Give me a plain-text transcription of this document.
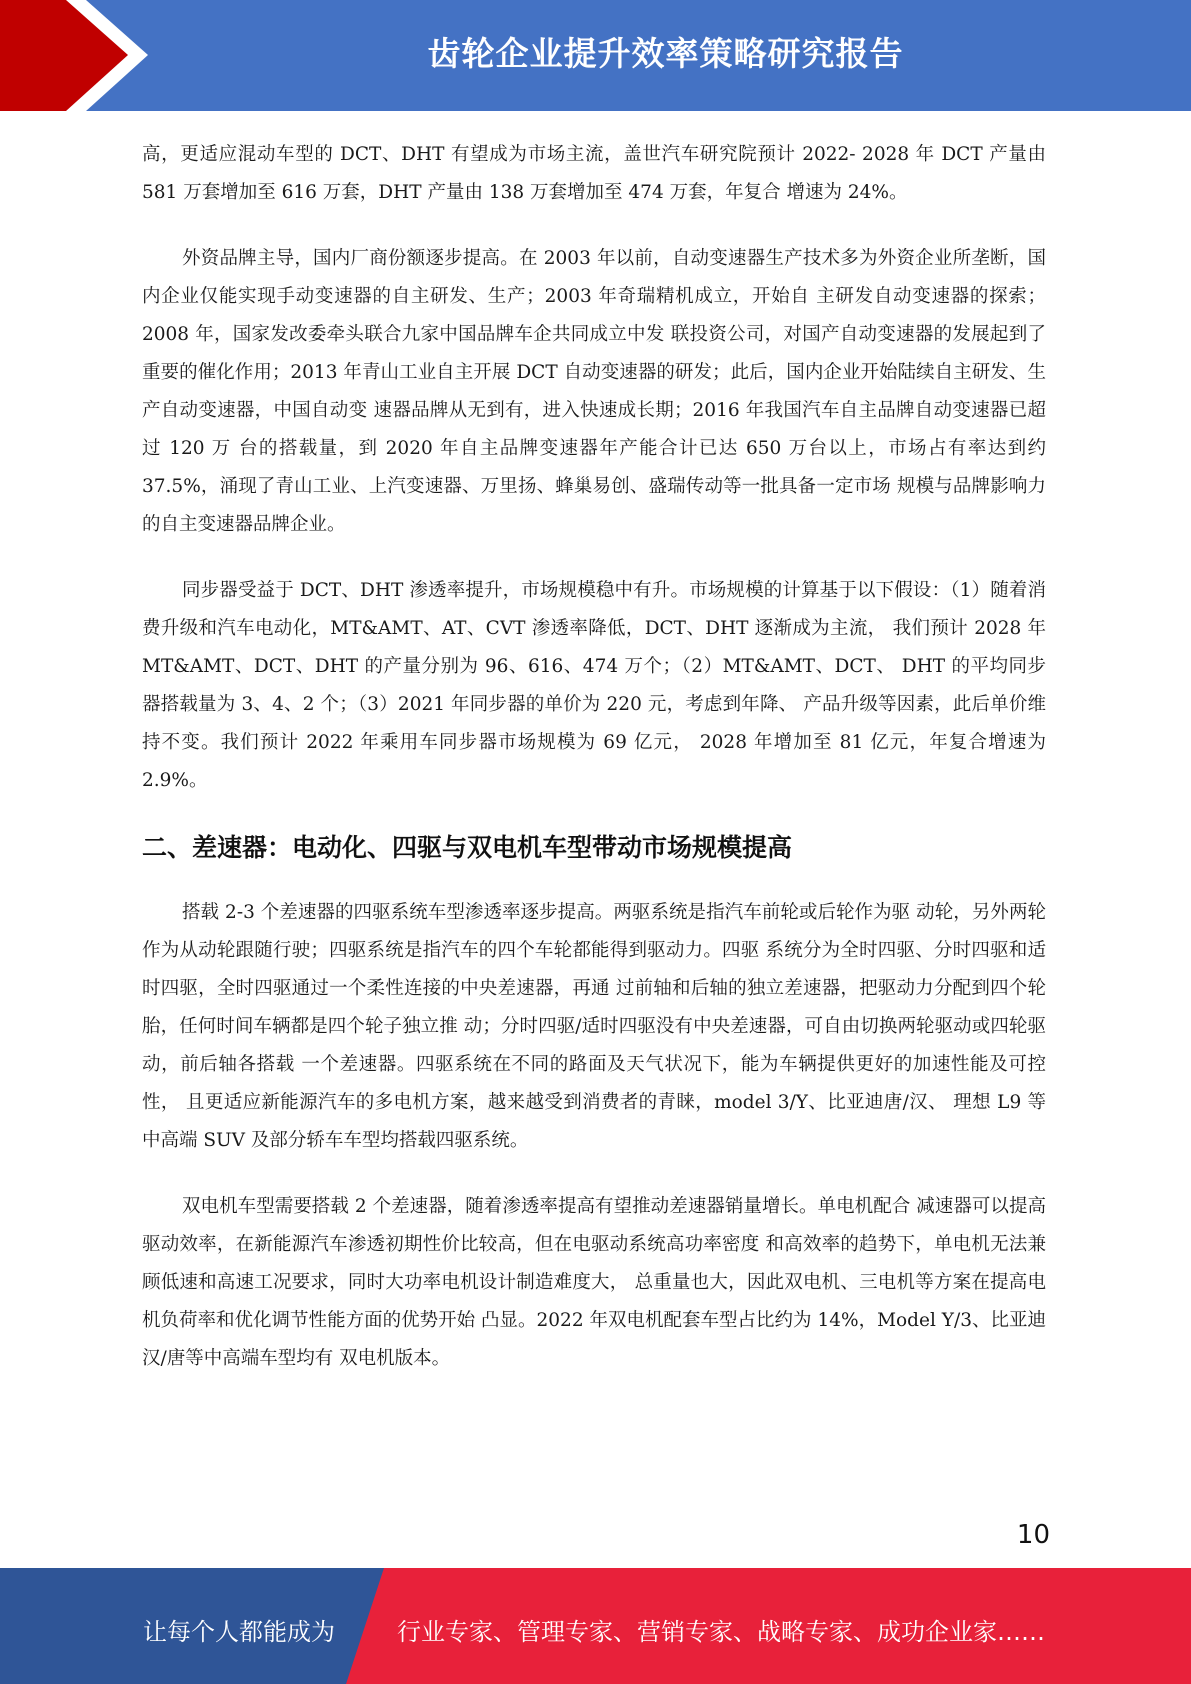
齿轮企业提升效率策略研究报告

高，更适应混动车型的 DCT、DHT 有望成为市场主流，盖世汽车研究院预计 2022- 2028 年 DCT 产量由 581 万套增加至 616 万套，DHT 产量由 138 万套增加至 474 万套，年复合 增速为 24%。

外资品牌主导，国内厂商份额逐步提高。在 2003 年以前，自动变速器生产技术多为外资企业所垄断，国内企业仅能实现手动变速器的自主研发、生产；2003 年奇瑞精机成立，开始自 主研发自动变速器的探索；2008 年，国家发改委牵头联合九家中国品牌车企共同成立中发 联投资公司，对国产自动变速器的发展起到了重要的催化作用；2013 年青山工业自主开展 DCT 自动变速器的研发；此后，国内企业开始陆续自主研发、生产自动变速器，中国自动变 速器品牌从无到有，进入快速成长期；2016 年我国汽车自主品牌自动变速器已超过 120 万 台的搭载量，到 2020 年自主品牌变速器年产能合计已达 650 万台以上，市场占有率达到约 37.5%，涌现了青山工业、上汽变速器、万里扬、蜂巢易创、盛瑞传动等一批具备一定市场 规模与品牌影响力的自主变速器品牌企业。

同步器受益于 DCT、DHT 渗透率提升，市场规模稳中有升。市场规模的计算基于以下假设：（1）随着消费升级和汽车电动化，MT&AMT、AT、CVT 渗透率降低，DCT、DHT 逐渐成为主流， 我们预计 2028 年 MT&AMT、DCT、DHT 的产量分别为 96、616、474 万个；（2）MT&AMT、DCT、 DHT 的平均同步器搭载量为 3、4、2 个；（3）2021 年同步器的单价为 220 元，考虑到年降、 产品升级等因素，此后单价维持不变。我们预计 2022 年乘用车同步器市场规模为 69 亿元， 2028 年增加至 81 亿元，年复合增速为 2.9%。

二、差速器：电动化、四驱与双电机车型带动市场规模提高

搭载 2-3 个差速器的四驱系统车型渗透率逐步提高。两驱系统是指汽车前轮或后轮作为驱 动轮，另外两轮作为从动轮跟随行驶；四驱系统是指汽车的四个车轮都能得到驱动力。四驱 系统分为全时四驱、分时四驱和适时四驱，全时四驱通过一个柔性连接的中央差速器，再通 过前轴和后轴的独立差速器，把驱动力分配到四个轮胎，任何时间车辆都是四个轮子独立推 动；分时四驱/适时四驱没有中央差速器，可自由切换两轮驱动或四轮驱动，前后轴各搭载 一个差速器。四驱系统在不同的路面及天气状况下，能为车辆提供更好的加速性能及可控性， 且更适应新能源汽车的多电机方案，越来越受到消费者的青睐，model 3/Y、比亚迪唐/汉、 理想 L9 等中高端 SUV 及部分轿车车型均搭载四驱系统。

双电机车型需要搭载 2 个差速器，随着渗透率提高有望推动差速器销量增长。单电机配合 减速器可以提高驱动效率，在新能源汽车渗透初期性价比较高，但在电驱动系统高功率密度 和高效率的趋势下，单电机无法兼顾低速和高速工况要求，同时大功率电机设计制造难度大， 总重量也大，因此双电机、三电机等方案在提高电机负荷率和优化调节性能方面的优势开始 凸显。2022 年双电机配套车型占比约为 14%，Model Y/3、比亚迪汉/唐等中高端车型均有 双电机版本。

10
让每个人都能成为	行业专家、管理专家、营销专家、战略专家、成功企业家……
